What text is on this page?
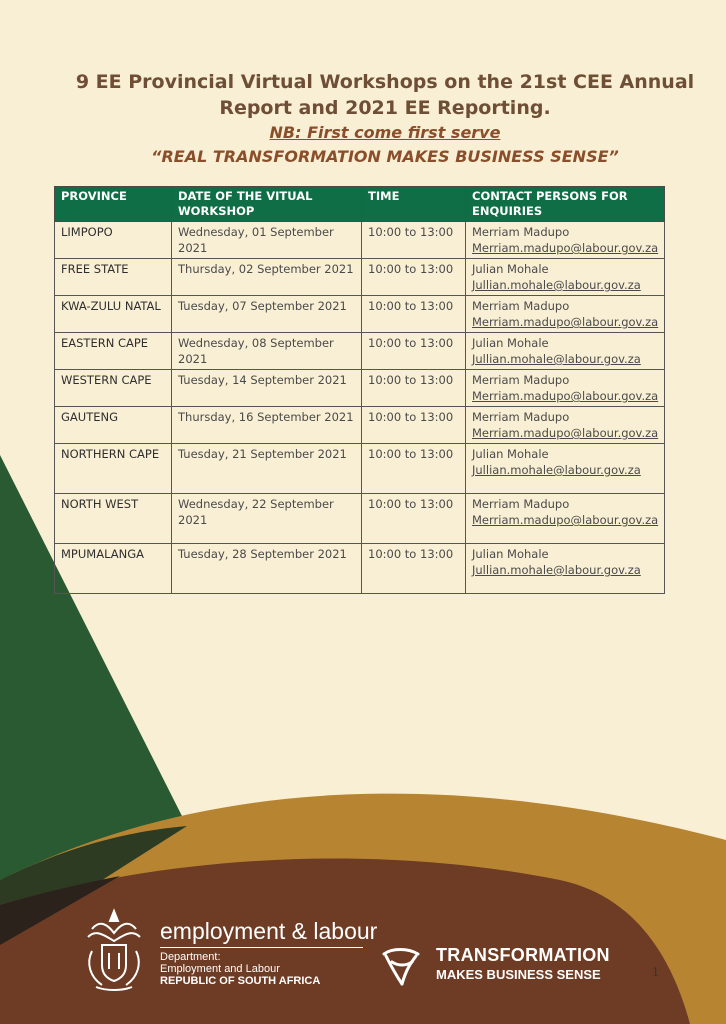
9 EE Provincial Virtual Workshops on the 21st CEE Annual
Report and 2021 EE Reporting.
NB: First come first serve
“REAL TRANSFORMATION MAKES BUSINESS SENSE”
PROVINCE	DATE OF THE VITUAL WORKSHOP	TIME	CONTACT PERSONS FOR ENQUIRIES
LIMPOPO	Wednesday, 01 September 2021	10:00 to 13:00	Merriam Madupo
Merriam.madupo@labour.gov.za

FREE STATE	Thursday, 02 September 2021	10:00 to 13:00	Julian Mohale
Jullian.mohale@labour.gov.za

KWA-ZULU NATAL	Tuesday, 07 September 2021	10:00 to 13:00	Merriam Madupo
Merriam.madupo@labour.gov.za

EASTERN CAPE	Wednesday, 08 September 2021	10:00 to 13:00	Julian Mohale
Jullian.mohale@labour.gov.za

WESTERN CAPE	Tuesday, 14 September 2021	10:00 to 13:00	Merriam Madupo
Merriam.madupo@labour.gov.za

GAUTENG	Thursday, 16 September 2021	10:00 to 13:00	Merriam Madupo
Merriam.madupo@labour.gov.za

NORTHERN CAPE	Tuesday, 21 September 2021	10:00 to 13:00	Julian Mohale
Jullian.mohale@labour.gov.za

NORTH WEST	Wednesday, 22 September 2021	10:00 to 13:00	Merriam Madupo
Merriam.madupo@labour.gov.za

MPUMALANGA	Tuesday, 28 September 2021	10:00 to 13:00	Julian Mohale
Jullian.mohale@labour.gov.za
employment & labour
Department:
Employment and Labour
REPUBLIC OF SOUTH AFRICA
TRANSFORMATION
MAKES BUSINESS SENSE	1
